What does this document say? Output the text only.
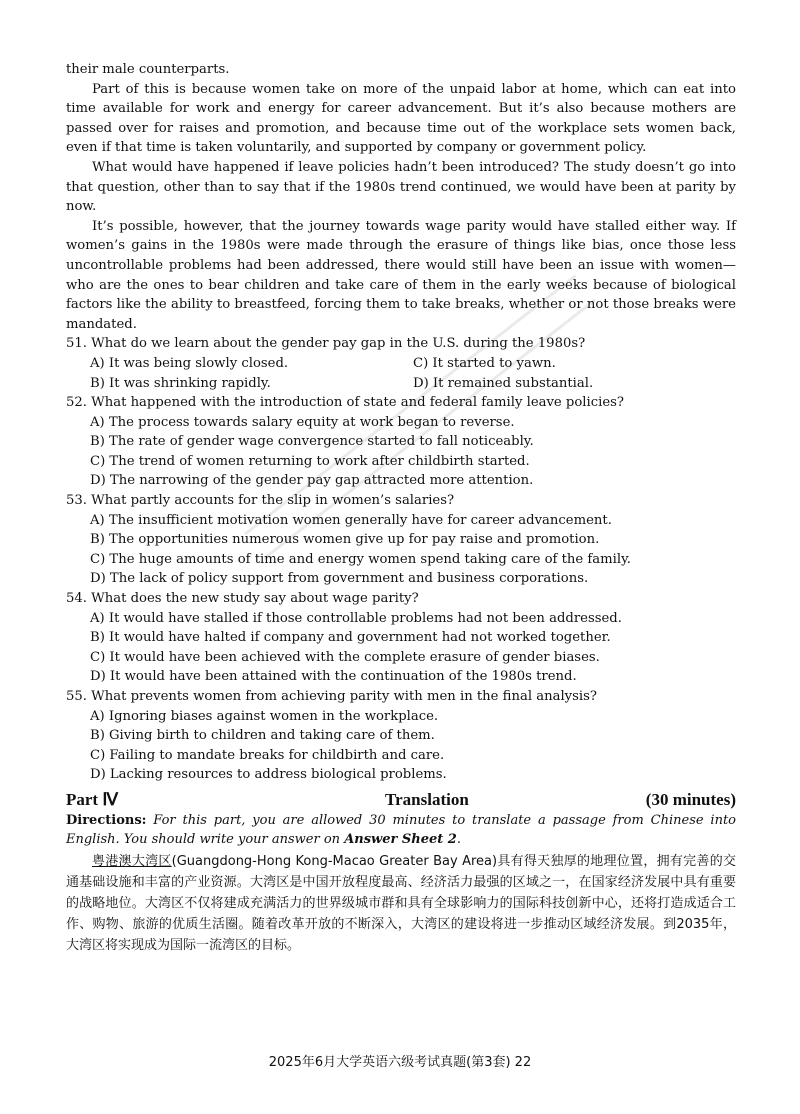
their male counterparts.

Part of this is because women take on more of the unpaid labor at home, which can eat into time available for work and energy for career advancement. But it’s also because mothers are passed over for raises and promotion, and because time out of the workplace sets women back, even if that time is taken voluntarily, and supported by company or government policy.

What would have happened if leave policies hadn’t been introduced? The study doesn’t go into that question, other than to say that if the 1980s trend continued, we would have been at parity by now.

It’s possible, however, that the journey towards wage parity would have stalled either way. If women’s gains in the 1980s were made through the erasure of things like bias, once those less uncontrollable problems had been addressed, there would still have been an issue with women— who are the ones to bear children and take care of them in the early weeks because of biological factors like the ability to breastfeed, forcing them to take breaks, whether or not those breaks were mandated.

51. What do we learn about the gender pay gap in the U.S. during the 1980s?

A) It was being slowly closed.	C) It started to yawn.

B) It was shrinking rapidly.	D) It remained substantial.

52. What happened with the introduction of state and federal family leave policies?

A) The process towards salary equity at work began to reverse.

B) The rate of gender wage convergence started to fall noticeably.

C) The trend of women returning to work after childbirth started.

D) The narrowing of the gender pay gap attracted more attention.

53. What partly accounts for the slip in women’s salaries?

A) The insufficient motivation women generally have for career advancement.

B) The opportunities numerous women give up for pay raise and promotion.

C) The huge amounts of time and energy women spend taking care of the family.

D) The lack of policy support from government and business corporations.

54. What does the new study say about wage parity?

A) It would have stalled if those controllable problems had not been addressed.

B) It would have halted if company and government had not worked together.

C) It would have been achieved with the complete erasure of gender biases.

D) It would have been attained with the continuation of the 1980s trend.

55. What prevents women from achieving parity with men in the final analysis?

A) Ignoring biases against women in the workplace.

B) Giving birth to children and taking care of them.

C) Failing to mandate breaks for childbirth and care.

D) Lacking resources to address biological problems.

Part Ⅳ	Translation	(30 minutes)

Directions: For this part, you are allowed 30 minutes to translate a passage from Chinese into English. You should write your answer on Answer Sheet 2.

粤港澳大湾区(Guangdong-Hong Kong-Macao Greater Bay Area)具有得天独厚的地理位置，拥有完善的交通基础设施和丰富的产业资源。大湾区是中国开放程度最高、经济活力最强的区域之一，在国家经济发展中具有重要的战略地位。大湾区不仅将建成充满活力的世界级城市群和具有全球影响力的国际科技创新中心，还将打造成适合工作、购物、旅游的优质生活圈。随着改革开放的不断深入，大湾区的建设将进一步推动区域经济发展。到2035年，大湾区将实现成为国际一流湾区的目标。

2025年6月大学英语六级考试真题(第3套) 22
